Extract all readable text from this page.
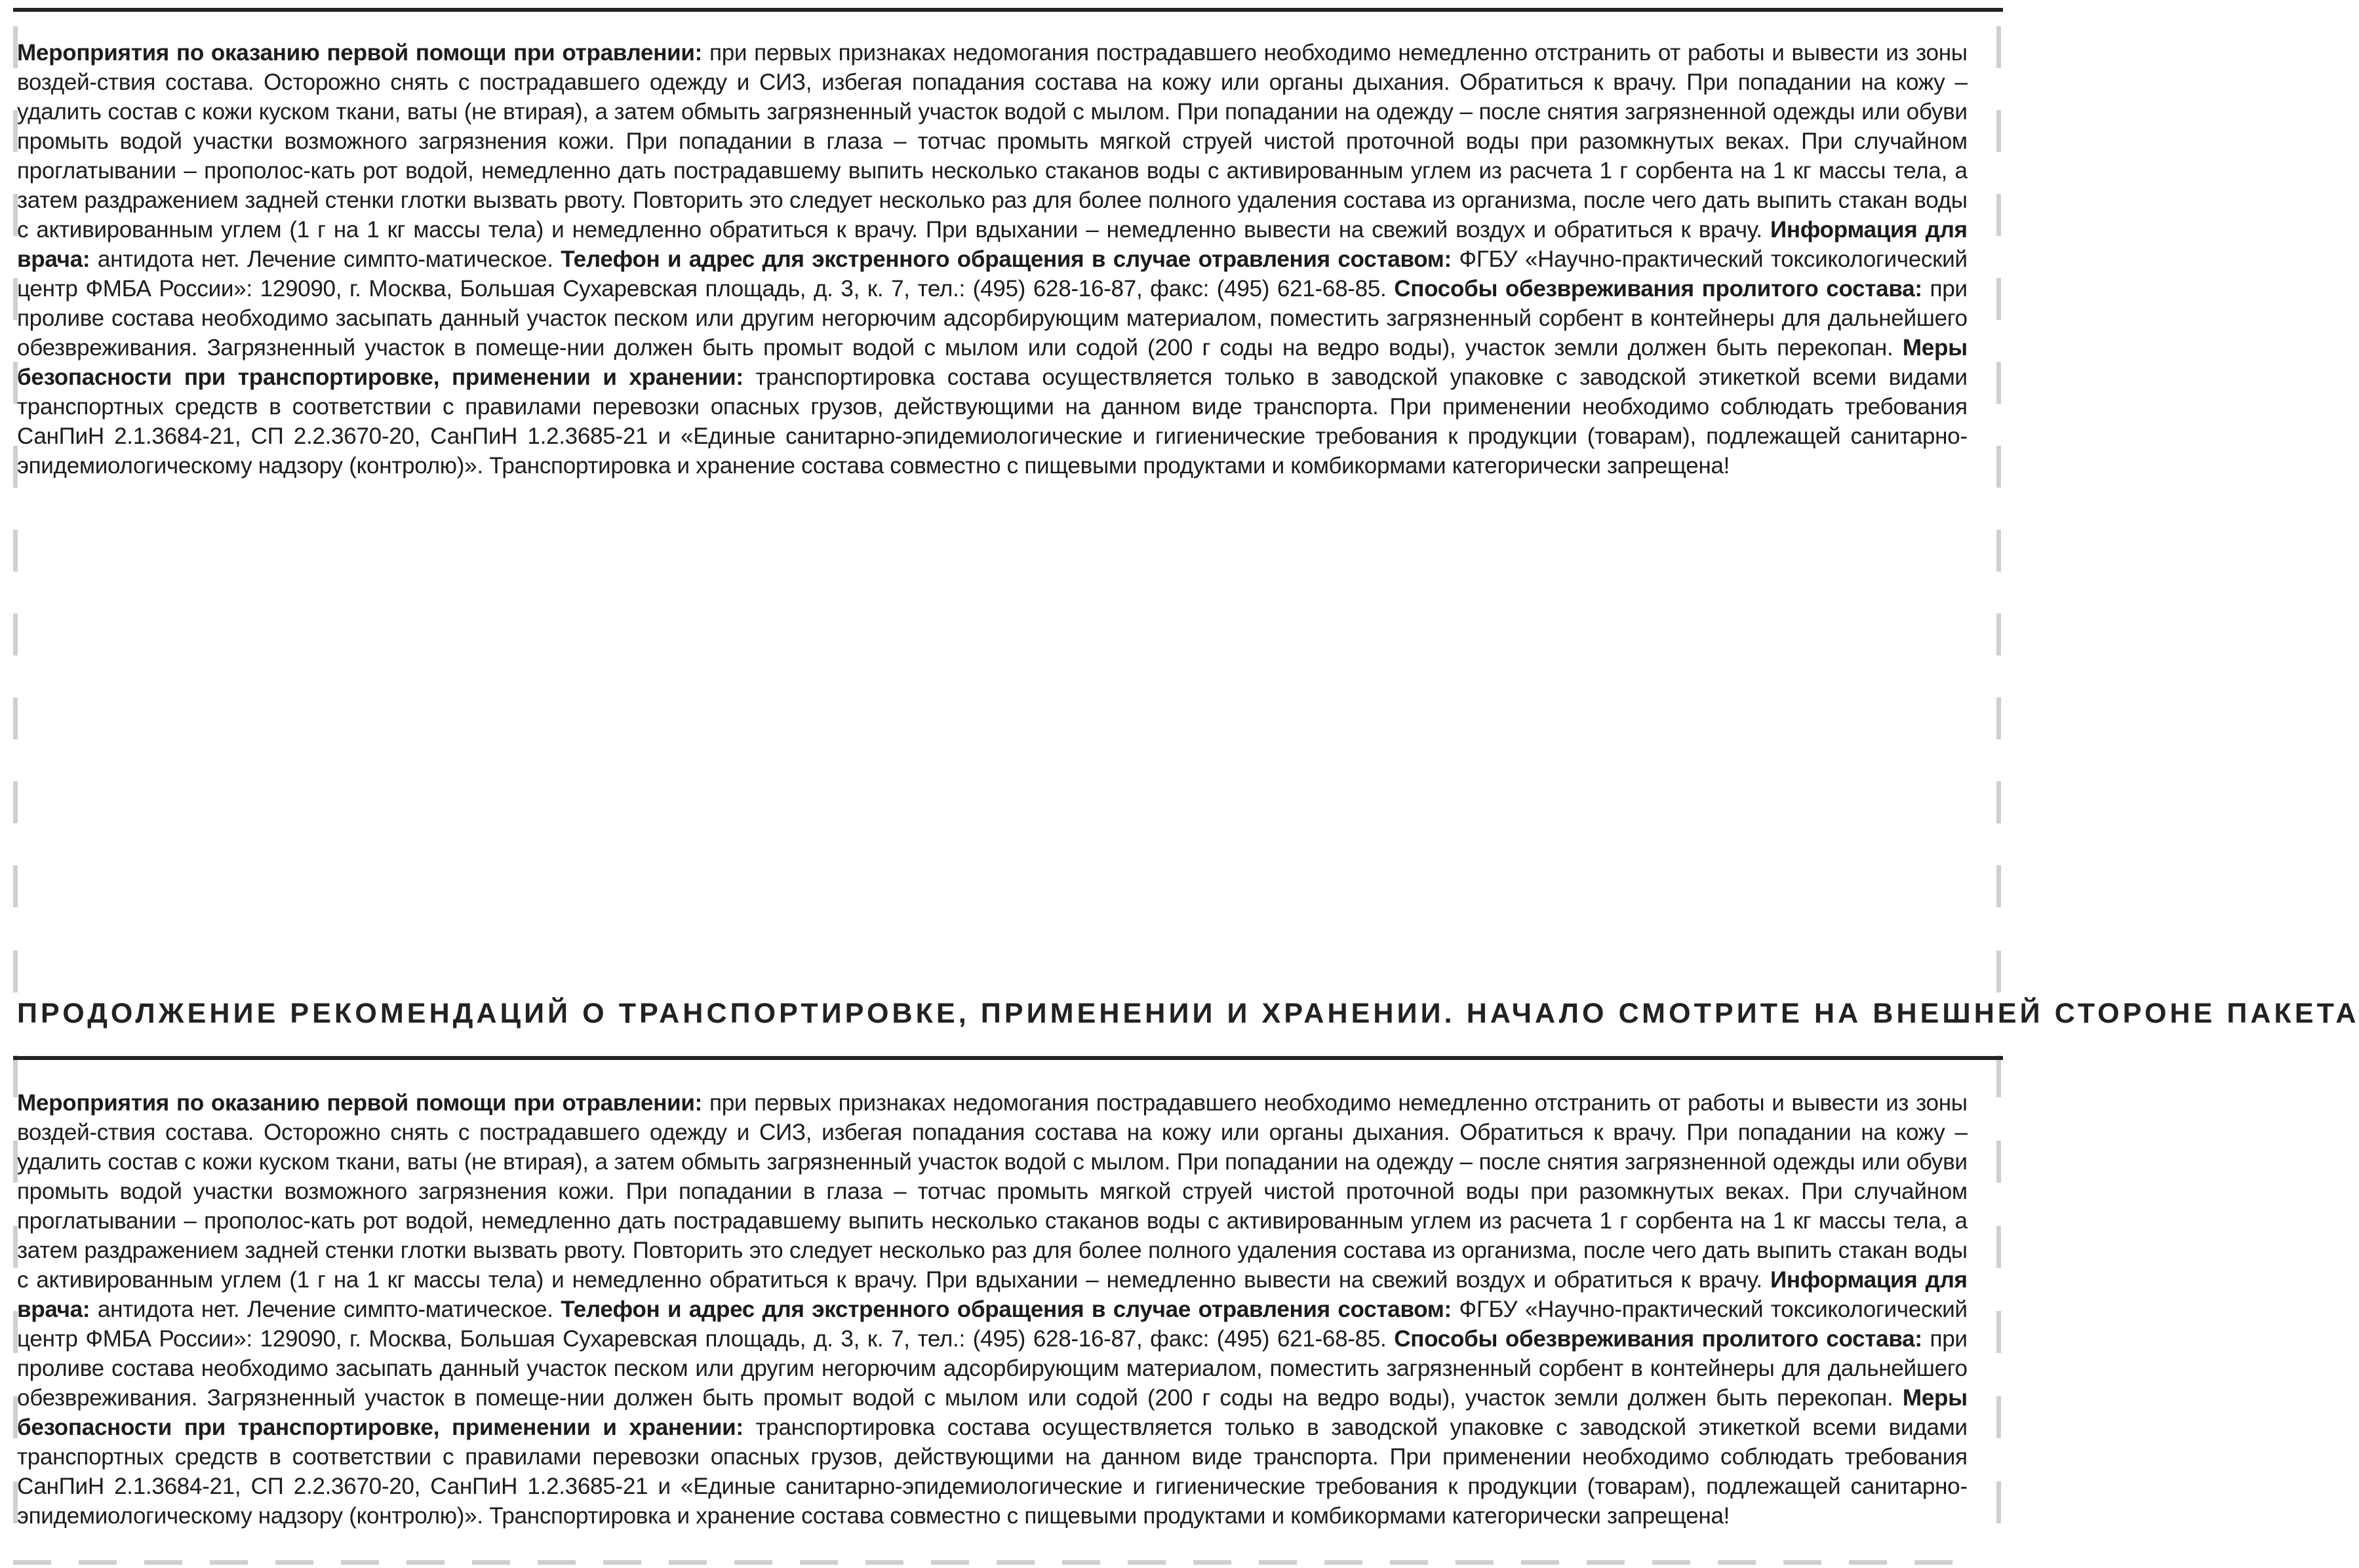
Мероприятия по оказанию первой помощи при отравлении: при первых признаках недомогания пострадавшего необходимо немедленно отстранить от работы и вывести из зоны воздей-ствия состава. Осторожно снять с пострадавшего одежду и СИЗ, избегая попадания состава на кожу или органы дыхания. Обратиться к врачу. При попадании на кожу – удалить состав с кожи куском ткани, ваты (не втирая), а затем обмыть загрязненный участок водой с мылом. При попадании на одежду – после снятия загрязненной одежды или обуви промыть водой участки возможного загрязнения кожи. При попадании в глаза – тотчас промыть мягкой струей чистой проточной воды при разомкнутых веках. При случайном проглатывании – прополос-кать рот водой, немедленно дать пострадавшему выпить несколько стаканов воды с активированным углем из расчета 1 г сорбента на 1 кг массы тела, а затем раздражением задней стенки глотки вызвать рвоту. Повторить это следует несколько раз для более полного удаления состава из организма, после чего дать выпить стакан воды с активированным углем (1 г на 1 кг массы тела) и немедленно обратиться к врачу. При вдыхании – немедленно вывести на свежий воздух и обратиться к врачу. Информация для врача: антидота нет. Лечение симпто-матическое. Телефон и адрес для экстренного обращения в случае отравления составом: ФГБУ «Научно-практический токсикологический центр ФМБА России»: 129090, г. Москва, Большая Сухаревская площадь, д. 3, к. 7, тел.: (495) 628-16-87, факс: (495) 621-68-85. Способы обезвреживания пролитого состава: при проливе состава необходимо засыпать данный участок песком или другим негорючим адсорбирующим материалом, поместить загрязненный сорбент в контейнеры для дальнейшего обезвреживания. Загрязненный участок в помеще-нии должен быть промыт водой с мылом или содой (200 г соды на ведро воды), участок земли должен быть перекопан. Меры безопасности при транспортировке, применении и хранении: транспортировка состава осуществляется только в заводской упаковке с заводской этикеткой всеми видами транспортных средств в соответствии с правилами перевозки опасных грузов, действующими на данном виде транспорта. При применении необходимо соблюдать требования СанПиН 2.1.3684-21, СП 2.2.3670-20, СанПиН 1.2.3685-21 и «Единые санитарно-эпидемиологические и гигиенические требования к продукции (товарам), подлежащей санитарно-эпидемиологическому надзору (контролю)». Транспортировка и хранение состава совместно с пищевыми продуктами и комбикормами категорически запрещена!
ПРОДОЛЖЕНИЕ РЕКОМЕНДАЦИЙ О ТРАНСПОРТИРОВКЕ, ПРИМЕНЕНИИ И ХРАНЕНИИ. НАЧАЛО СМОТРИТЕ НА ВНЕШНЕЙ СТОРОНЕ ПАКЕТА
Мероприятия по оказанию первой помощи при отравлении: при первых признаках недомогания пострадавшего необходимо немедленно отстранить от работы и вывести из зоны воздей-ствия состава. Осторожно снять с пострадавшего одежду и СИЗ, избегая попадания состава на кожу или органы дыхания. Обратиться к врачу. При попадании на кожу – удалить состав с кожи куском ткани, ваты (не втирая), а затем обмыть загрязненный участок водой с мылом. При попадании на одежду – после снятия загрязненной одежды или обуви промыть водой участки возможного загрязнения кожи. При попадании в глаза – тотчас промыть мягкой струей чистой проточной воды при разомкнутых веках. При случайном проглатывании – прополос-кать рот водой, немедленно дать пострадавшему выпить несколько стаканов воды с активированным углем из расчета 1 г сорбента на 1 кг массы тела, а затем раздражением задней стенки глотки вызвать рвоту. Повторить это следует несколько раз для более полного удаления состава из организма, после чего дать выпить стакан воды с активированным углем (1 г на 1 кг массы тела) и немедленно обратиться к врачу. При вдыхании – немедленно вывести на свежий воздух и обратиться к врачу. Информация для врача: антидота нет. Лечение симпто-матическое. Телефон и адрес для экстренного обращения в случае отравления составом: ФГБУ «Научно-практический токсикологический центр ФМБА России»: 129090, г. Москва, Большая Сухаревская площадь, д. 3, к. 7, тел.: (495) 628-16-87, факс: (495) 621-68-85. Способы обезвреживания пролитого состава: при проливе состава необходимо засыпать данный участок песком или другим негорючим адсорбирующим материалом, поместить загрязненный сорбент в контейнеры для дальнейшего обезвреживания. Загрязненный участок в помеще-нии должен быть промыт водой с мылом или содой (200 г соды на ведро воды), участок земли должен быть перекопан. Меры безопасности при транспортировке, применении и хранении: транспортировка состава осуществляется только в заводской упаковке с заводской этикеткой всеми видами транспортных средств в соответствии с правилами перевозки опасных грузов, действующими на данном виде транспорта. При применении необходимо соблюдать требования СанПиН 2.1.3684-21, СП 2.2.3670-20, СанПиН 1.2.3685-21 и «Единые санитарно-эпидемиологические и гигиенические требования к продукции (товарам), подлежащей санитарно-эпидемиологическому надзору (контролю)». Транспортировка и хранение состава совместно с пищевыми продуктами и комбикормами категорически запрещена!
